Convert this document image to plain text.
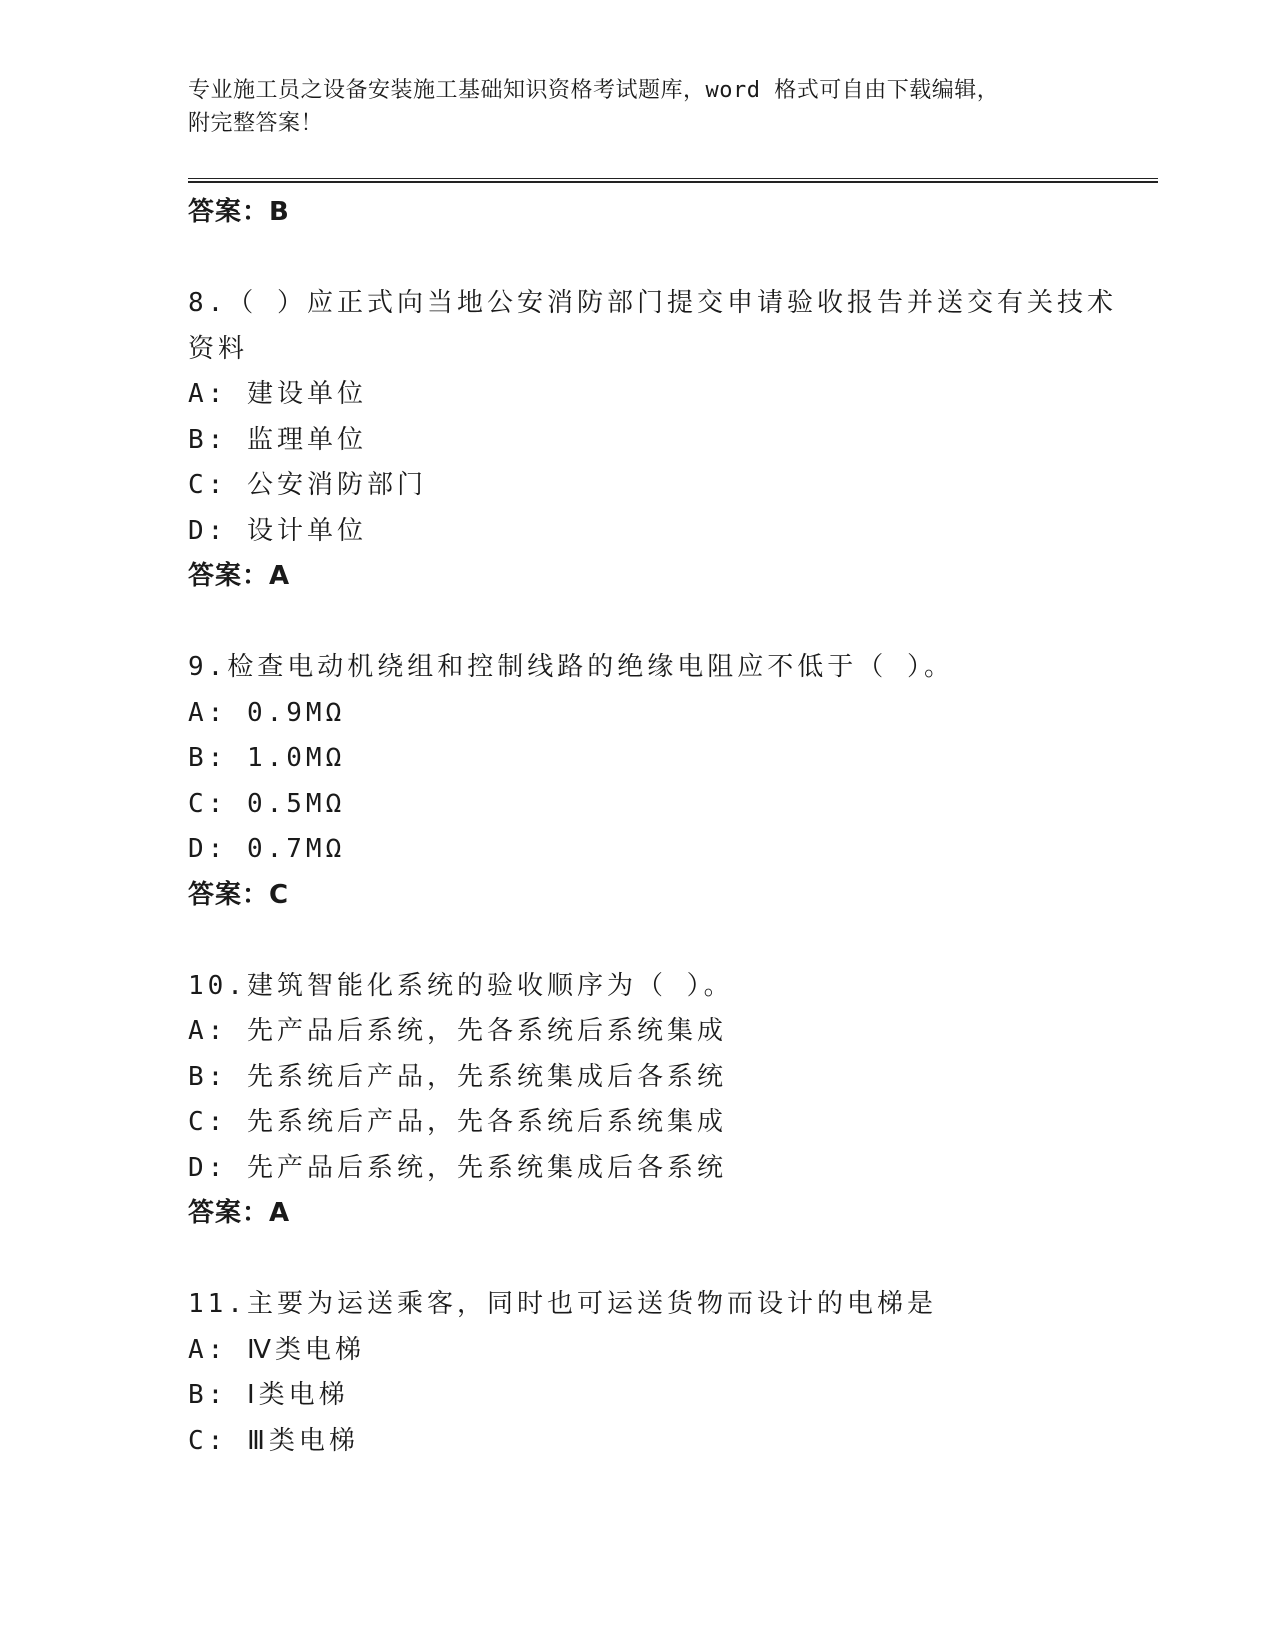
专业施工员之设备安装施工基础知识资格考试题库，word 格式可自由下载编辑，
附完整答案！
答案：B
8.（ ）应正式向当地公安消防部门提交申请验收报告并送交有关技术
资料
A: 建设单位
B: 监理单位
C: 公安消防部门
D: 设计单位
答案：A
9.检查电动机绕组和控制线路的绝缘电阻应不低于（ ）。
A: 0.9MΩ
B: 1.0MΩ
C: 0.5MΩ
D: 0.7MΩ
答案：C
10.建筑智能化系统的验收顺序为（ ）。
A: 先产品后系统，先各系统后系统集成
B: 先系统后产品，先系统集成后各系统
C: 先系统后产品，先各系统后系统集成
D: 先产品后系统，先系统集成后各系统
答案：A
11.主要为运送乘客，同时也可运送货物而设计的电梯是
A: Ⅳ类电梯
B: Ⅰ类电梯
C: Ⅲ类电梯
